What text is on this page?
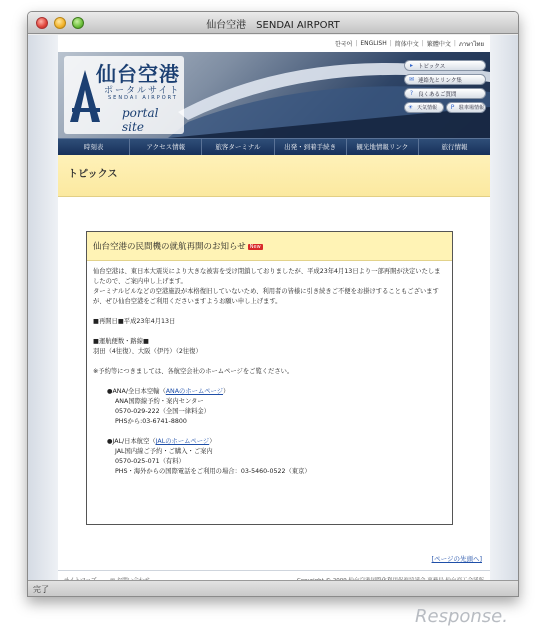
仙台空港　SENDAI AIRPORT
한국어 | ENGLISH | 简体中文 | 繁體中文 | ภาษาไทย
仙台空港
ポータルサイト
SENDAI AIRPORT
portal site
▸ トピックス
✉ 連絡先とリンク集
? 良くあるご質問
☀ 天気情報 P 駐車場情報
時刻表	アクセス情報	旅客ターミナル	出発・到着手続き	観光地情報リンク	旅行情報
トピックス
仙台空港の民間機の就航再開のお知らせ New

仙台空港は、東日本大震災により大きな被害を受け閉鎖しておりましたが、平成23年4月13日より一部再開が決定いたしましたので、ご案内申し上げます。

ターミナルビルなどの空港施設が本格復旧していないため、利用者の皆様に引き続きご不便をお掛けすることもございますが、ぜひ仙台空港をご利用くださいますようお願い申し上げます。

■再開日■平成23年4月13日

■運航便数・路線■

羽田（4往復）、大阪（伊丹）（2往復）

※予約等につきましては、各航空会社のホームページをご覧ください。

●ANA/全日本空輸（ANAのホームページ）

ANA国際線予約・案内センター

0570-029-222（全国一律料金）

PHSから:03-6741-8800

●JAL/日本航空（JALのホームページ）

JAL国内線ご予約・ご購入・ご案内

0570-025-071（有料）

PHS・海外からの国際電話をご利用の場合：03-5460-0522（東京）

[ページの先頭へ]
完了
Response.
